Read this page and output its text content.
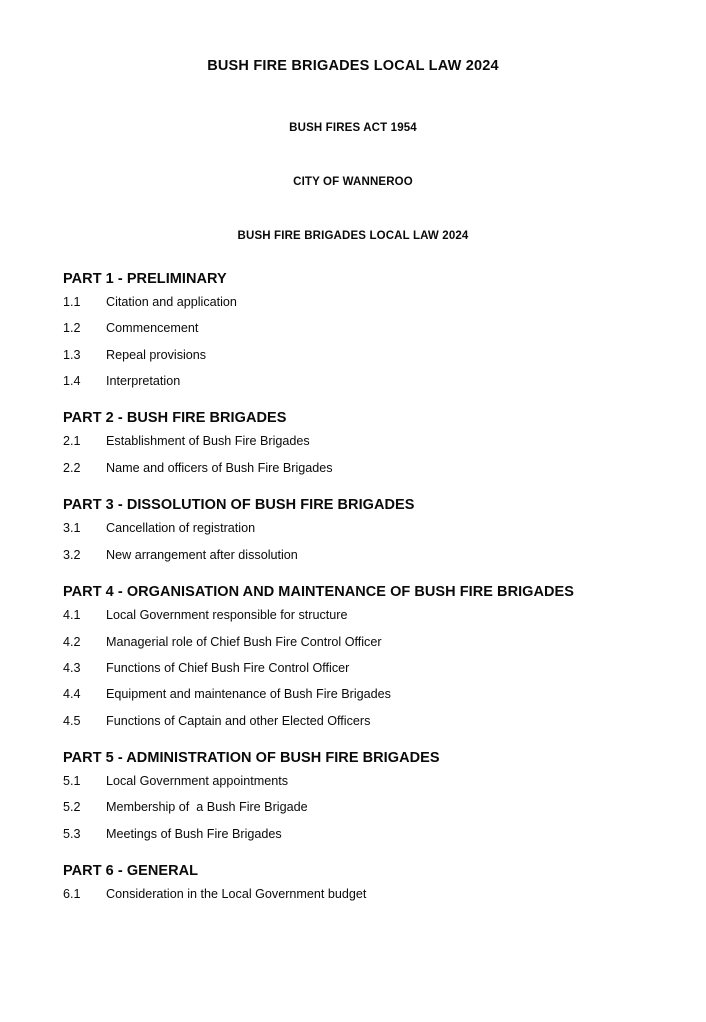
BUSH FIRE BRIGADES LOCAL LAW 2024
BUSH FIRES ACT 1954
CITY OF WANNEROO
BUSH FIRE BRIGADES LOCAL LAW 2024
PART 1 - PRELIMINARY
1.1	Citation and application
1.2	Commencement
1.3	Repeal provisions
1.4	Interpretation
PART 2 - BUSH FIRE BRIGADES
2.1	Establishment of Bush Fire Brigades
2.2	Name and officers of Bush Fire Brigades
PART 3 - DISSOLUTION OF BUSH FIRE BRIGADES
3.1	Cancellation of registration
3.2	New arrangement after dissolution
PART 4 - ORGANISATION AND MAINTENANCE OF BUSH FIRE BRIGADES
4.1	Local Government responsible for structure
4.2	Managerial role of Chief Bush Fire Control Officer
4.3	Functions of Chief Bush Fire Control Officer
4.4	Equipment and maintenance of Bush Fire Brigades
4.5	Functions of Captain and other Elected Officers
PART 5 - ADMINISTRATION OF BUSH FIRE BRIGADES
5.1	Local Government appointments
5.2	Membership of  a Bush Fire Brigade
5.3	Meetings of Bush Fire Brigades
PART 6 - GENERAL
6.1	Consideration in the Local Government budget
